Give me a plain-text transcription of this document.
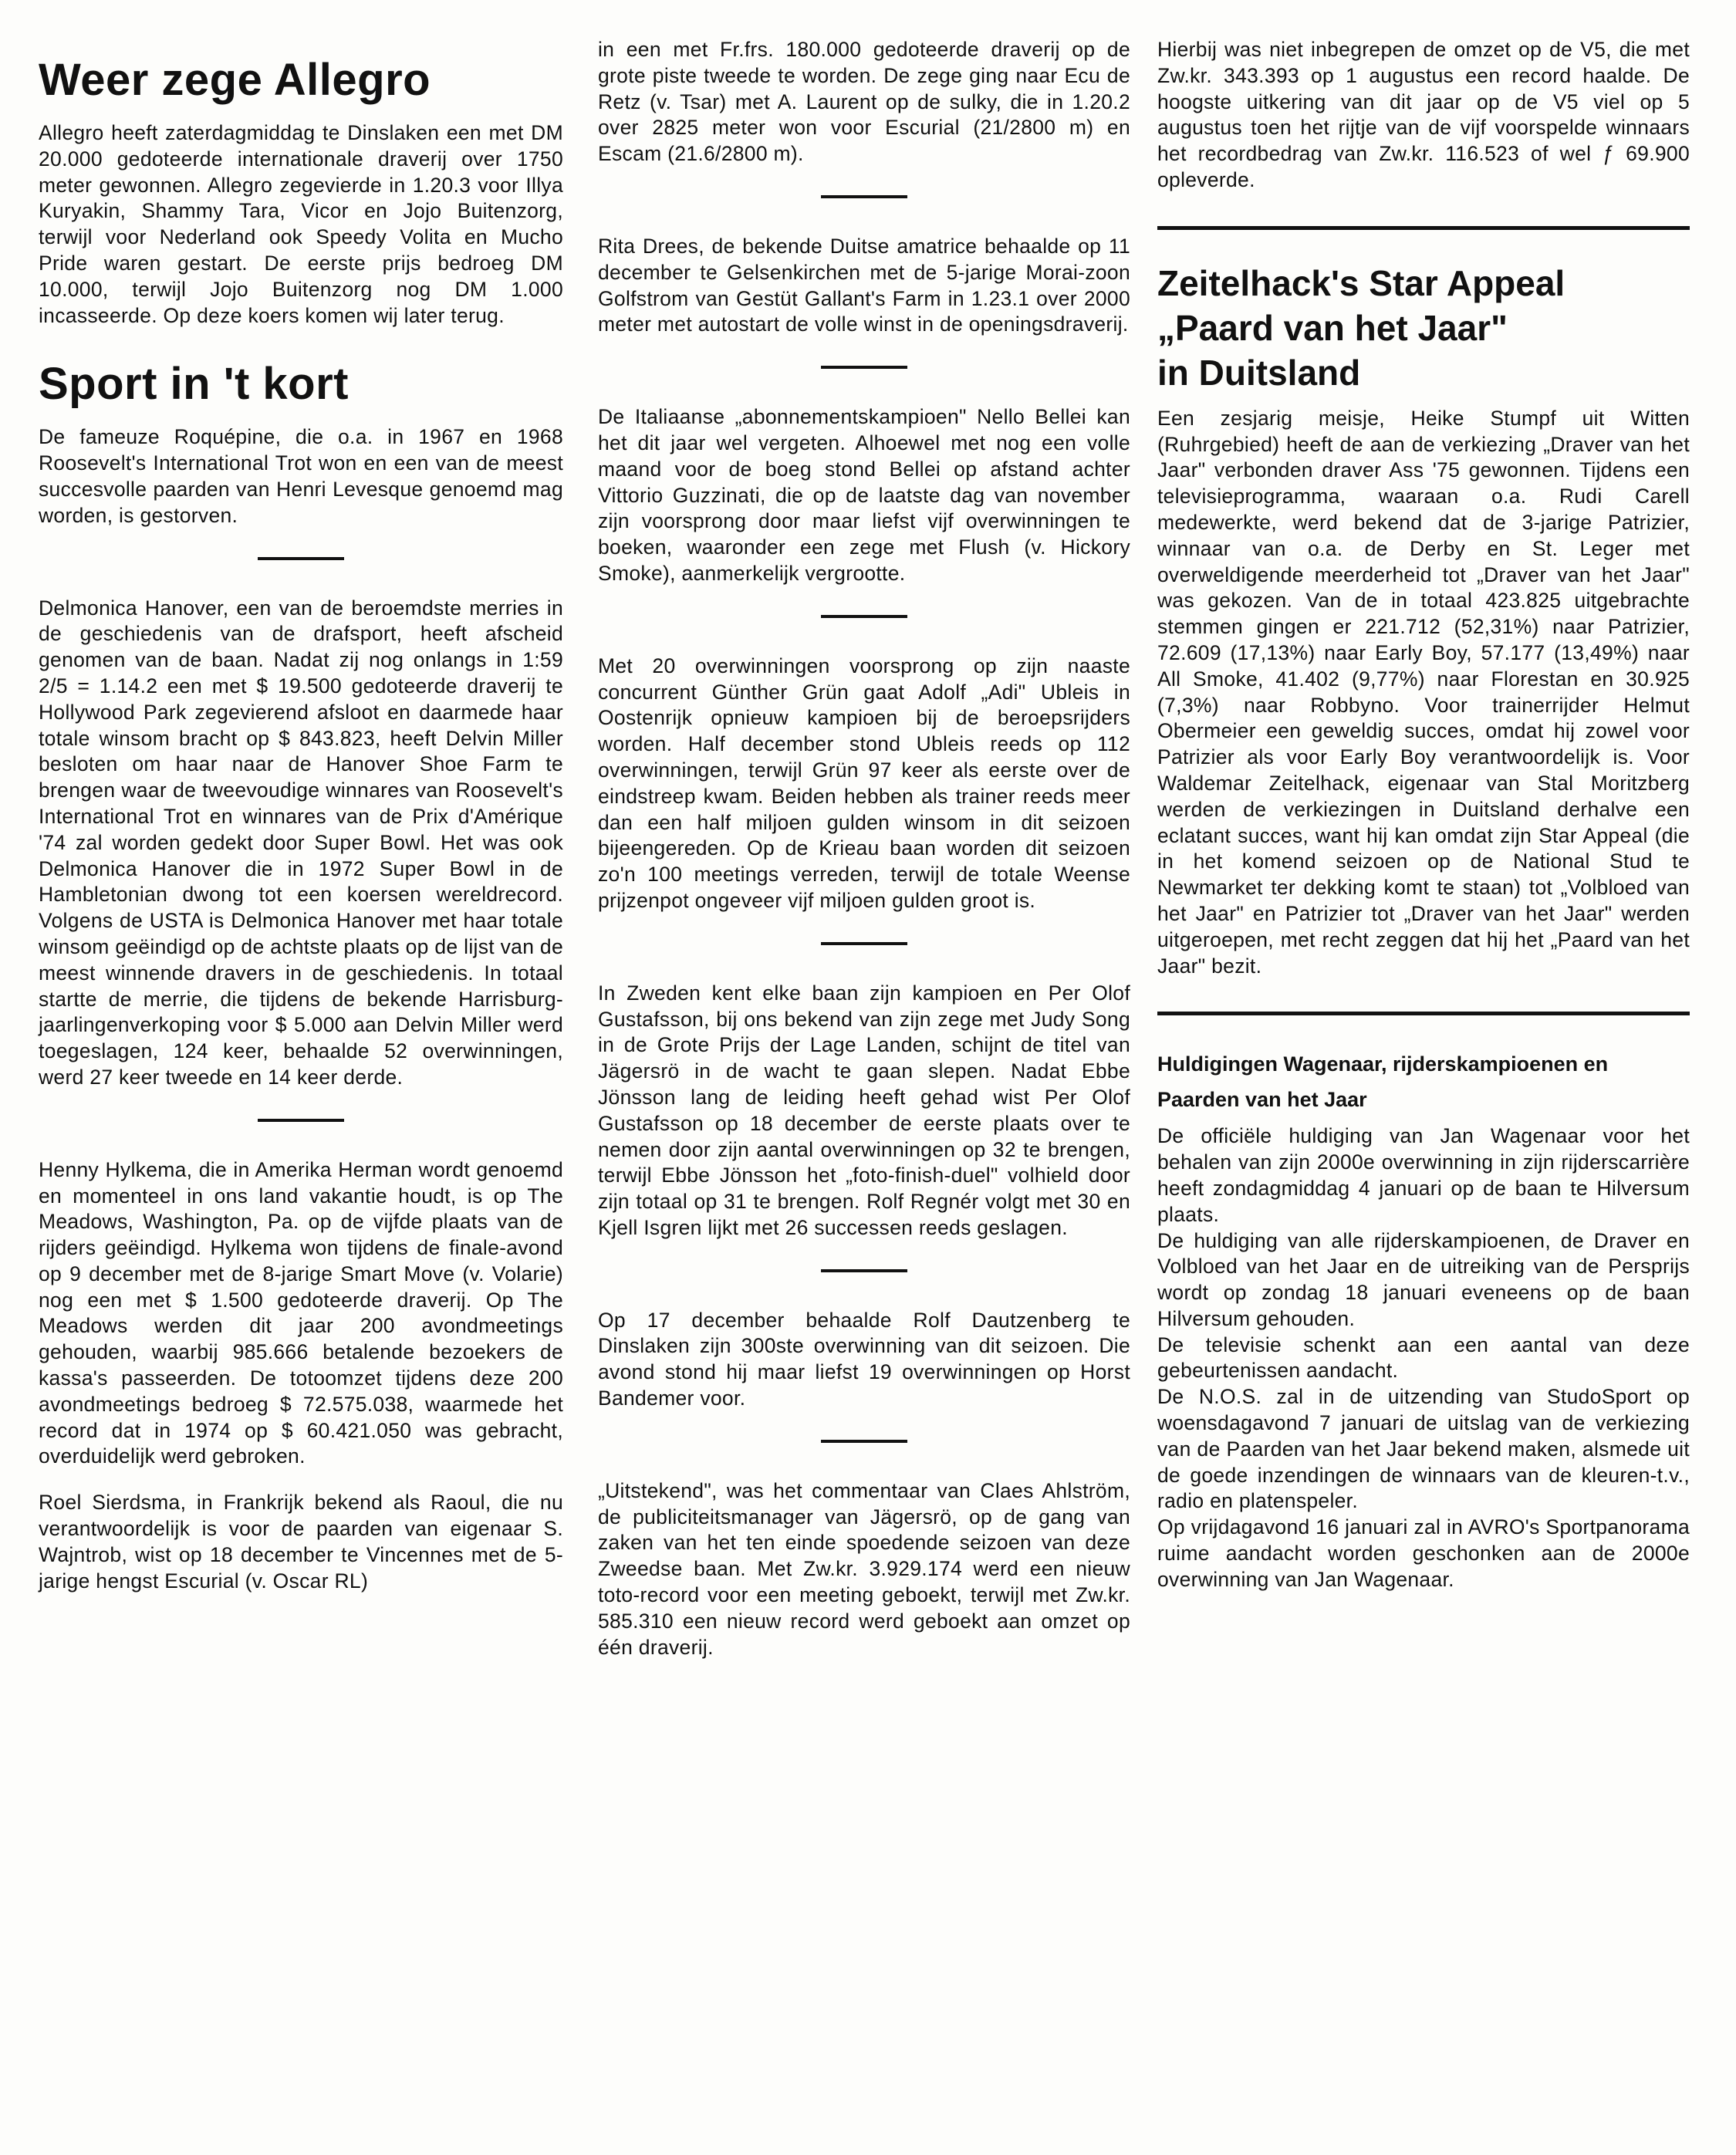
Weer zege Allegro

Allegro heeft zaterdagmiddag te Dinslaken een met DM 20.000 gedoteerde internationale draverij over 1750 meter gewonnen. Allegro zegevierde in 1.20.3 voor Illya Kuryakin, Shammy Tara, Vicor en Jojo Buitenzorg, terwijl voor Nederland ook Speedy Volita en Mucho Pride waren gestart. De eerste prijs bedroeg DM 10.000, terwijl Jojo Buitenzorg nog DM 1.000 incasseerde. Op deze koers komen wij later terug.

Sport in 't kort

De fameuze Roquépine, die o.a. in 1967 en 1968 Roosevelt's International Trot won en een van de meest succesvolle paarden van Henri Levesque genoemd mag worden, is gestorven.

Delmonica Hanover, een van de beroemdste merries in de geschiedenis van de drafsport, heeft afscheid genomen van de baan. Nadat zij nog onlangs in 1:59 2/5 = 1.14.2 een met $ 19.500 gedoteerde draverij te Hollywood Park zegevierend afsloot en daarmede haar totale winsom bracht op $ 843.823, heeft Delvin Miller besloten om haar naar de Hanover Shoe Farm te brengen waar de tweevoudige winnares van Roosevelt's International Trot en winnares van de Prix d'Amérique '74 zal worden gedekt door Super Bowl. Het was ook Delmonica Hanover die in 1972 Super Bowl in de Hambletonian dwong tot een koersen wereldrecord. Volgens de USTA is Delmonica Hanover met haar totale winsom geëindigd op de achtste plaats op de lijst van de meest winnende dravers in de geschiedenis. In totaal startte de merrie, die tijdens de bekende Harrisburg-jaarlingenverkoping voor $ 5.000 aan Delvin Miller werd toegeslagen, 124 keer, behaalde 52 overwinningen, werd 27 keer tweede en 14 keer derde.

Henny Hylkema, die in Amerika Herman wordt genoemd en momenteel in ons land vakantie houdt, is op The Meadows, Washington, Pa. op de vijfde plaats van de rijders geëindigd. Hylkema won tijdens de finale-avond op 9 december met de 8-jarige Smart Move (v. Volarie) nog een met $ 1.500 gedoteerde draverij. Op The Meadows werden dit jaar 200 avondmeetings gehouden, waarbij 985.666 betalende bezoekers de kassa's passeerden. De totoomzet tijdens deze 200 avondmeetings bedroeg $ 72.575.038, waarmede het record dat in 1974 op $ 60.421.050 was gebracht, overduidelijk werd gebroken.

Roel Sierdsma, in Frankrijk bekend als Raoul, die nu verantwoordelijk is voor de paarden van eigenaar S. Wajntrob, wist op 18 december te Vincennes met de 5-jarige hengst Escurial (v. Oscar RL)

in een met Fr.frs. 180.000 gedoteerde draverij op de grote piste tweede te worden. De zege ging naar Ecu de Retz (v. Tsar) met A. Laurent op de sulky, die in 1.20.2 over 2825 meter won voor Escurial (21/2800 m) en Escam (21.6/2800 m).

Rita Drees, de bekende Duitse amatrice behaalde op 11 december te Gelsenkirchen met de 5-jarige Morai-zoon Golfstrom van Gestüt Gallant's Farm in 1.23.1 over 2000 meter met autostart de volle winst in de openingsdraverij.

De Italiaanse „abonnementskampioen" Nello Bellei kan het dit jaar wel vergeten. Alhoewel met nog een volle maand voor de boeg stond Bellei op afstand achter Vittorio Guzzinati, die op de laatste dag van november zijn voorsprong door maar liefst vijf overwinningen te boeken, waaronder een zege met Flush (v. Hickory Smoke), aanmerkelijk vergrootte.

Met 20 overwinningen voorsprong op zijn naaste concurrent Günther Grün gaat Adolf „Adi" Ubleis in Oostenrijk opnieuw kampioen bij de beroepsrijders worden. Half december stond Ubleis reeds op 112 overwinningen, terwijl Grün 97 keer als eerste over de eindstreep kwam. Beiden hebben als trainer reeds meer dan een half miljoen gulden winsom in dit seizoen bijeengereden. Op de Krieau baan worden dit seizoen zo'n 100 meetings verreden, terwijl de totale Weense prijzenpot ongeveer vijf miljoen gulden groot is.

In Zweden kent elke baan zijn kampioen en Per Olof Gustafsson, bij ons bekend van zijn zege met Judy Song in de Grote Prijs der Lage Landen, schijnt de titel van Jägersrö in de wacht te gaan slepen. Nadat Ebbe Jönsson lang de leiding heeft gehad wist Per Olof Gustafsson op 18 december de eerste plaats over te nemen door zijn aantal overwinningen op 32 te brengen, terwijl Ebbe Jönsson het „foto-finish-duel" volhield door zijn totaal op 31 te brengen. Rolf Regnér volgt met 30 en Kjell Isgren lijkt met 26 successen reeds geslagen.

Op 17 december behaalde Rolf Dautzenberg te Dinslaken zijn 300ste overwinning van dit seizoen. Die avond stond hij maar liefst 19 overwinningen op Horst Bandemer voor.

„Uitstekend", was het commentaar van Claes Ahlström, de publiciteitsmanager van Jägersrö, op de gang van zaken van het ten einde spoedende seizoen van deze Zweedse baan. Met Zw.kr. 3.929.174 werd een nieuw toto-record voor een meeting geboekt, terwijl met Zw.kr. 585.310 een nieuw record werd geboekt aan omzet op één draverij.

Hierbij was niet inbegrepen de omzet op de V5, die met Zw.kr. 343.393 op 1 augustus een record haalde. De hoogste uitkering van dit jaar op de V5 viel op 5 augustus toen het rijtje van de vijf voorspelde winnaars het recordbedrag van Zw.kr. 116.523 of wel ƒ 69.900 opleverde.

Zeitelhack's Star Appeal
„Paard van het Jaar"
in Duitsland

Een zesjarig meisje, Heike Stumpf uit Witten (Ruhrgebied) heeft de aan de verkiezing „Draver van het Jaar" verbonden draver Ass '75 gewonnen. Tijdens een televisieprogramma, waaraan o.a. Rudi Carell medewerkte, werd bekend dat de 3-jarige Patrizier, winnaar van o.a. de Derby en St. Leger met overweldigende meerderheid tot „Draver van het Jaar" was gekozen. Van de in totaal 423.825 uitgebrachte stemmen gingen er 221.712 (52,31%) naar Patrizier, 72.609 (17,13%) naar Early Boy, 57.177 (13,49%) naar All Smoke, 41.402 (9,77%) naar Florestan en 30.925 (7,3%) naar Robbyno. Voor trainerrijder Helmut Obermeier een geweldig succes, omdat hij zowel voor Patrizier als voor Early Boy verantwoordelijk is. Voor Waldemar Zeitelhack, eigenaar van Stal Moritzberg werden de verkiezingen in Duitsland derhalve een eclatant succes, want hij kan omdat zijn Star Appeal (die in het komend seizoen op de National Stud te Newmarket ter dekking komt te staan) tot „Volbloed van het Jaar" en Patrizier tot „Draver van het Jaar" werden uitgeroepen, met recht zeggen dat hij het „Paard van het Jaar" bezit.

Huldigingen Wagenaar, rijderskampioenen en Paarden van het Jaar

De officiële huldiging van Jan Wagenaar voor het behalen van zijn 2000e overwinning in zijn rijderscarrière heeft zondagmiddag 4 januari op de baan te Hilversum plaats.

De huldiging van alle rijderskampioenen, de Draver en Volbloed van het Jaar en de uitreiking van de Persprijs wordt op zondag 18 januari eveneens op de baan Hilversum gehouden.

De televisie schenkt aan een aantal van deze gebeurtenissen aandacht.

De N.O.S. zal in de uitzending van StudoSport op woensdagavond 7 januari de uitslag van de verkiezing van de Paarden van het Jaar bekend maken, alsmede uit de goede inzendingen de winnaars van de kleuren-t.v., radio en platenspeler.

Op vrijdagavond 16 januari zal in AVRO's Sportpanorama ruime aandacht worden geschonken aan de 2000e overwinning van Jan Wagenaar.
